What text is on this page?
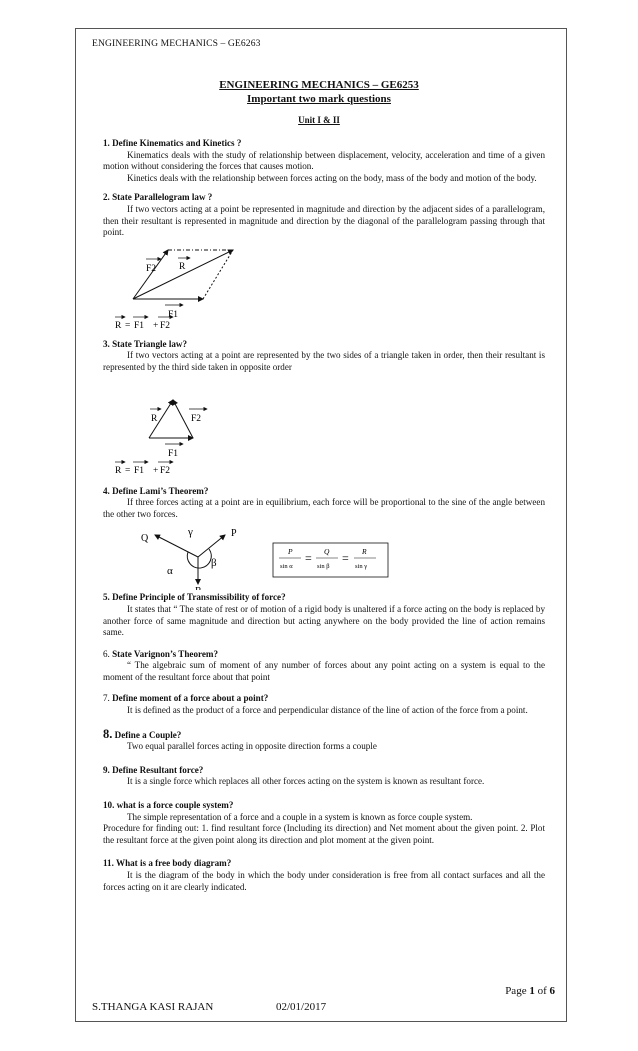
ENGINEERING MECHANICS – GE6263
ENGINEERING MECHANICS – GE6253
Important two mark questions
Unit I & II
1. Define Kinematics and Kinetics ?
Kinematics deals with the study of relationship between displacement, velocity, acceleration and time of a given motion without considering the forces that causes motion.
Kinetics deals with the relationship between forces acting on the body, mass of the body and motion of the body.
2. State Parallelogram law ?
If two vectors acting at a point be represented in magnitude and direction by the adjacent sides of a parallelogram, then their resultant is represented in magnitude and direction by the diagonal of the parallelogram passing through that point.
F2 R
F1
R = F1 + F2
3. State Triangle law?
If two vectors acting at a point are represented by the two sides of a triangle taken in order, then their resultant is represented by the third side taken in opposite order
R	F2
F1
R = F1 + F2
4. Define Lami’s Theorem?
If three forces acting at a point are in equilibrium, each force will be proportional to the sine of the angle between the other two forces.
Q
γ	P
α
β
P
sin α
= Q
sin β
= R
sin γ
5. Define Principle of Transmissibility of force?
It states that “ The state of rest or of motion of a rigid body is unaltered if a force acting on the body is replaced by another force of same magnitude and direction but acting anywhere on the body provided the line of action remains same.
6. State Varignon’s Theorem?
“ The algebraic sum of moment of any number of forces about any point acting on a system is equal to the moment of the resultant force about that point
7. Define moment of a force about a point?
It is defined as the product of a force and perpendicular distance of the line of action of the force from a point.
8. Define a Couple?
Two equal parallel forces acting in opposite direction forms a couple
9. Define Resultant force?
It is a single force which replaces all other forces acting on the system is known as resultant force.
10. what is a force couple system?
The simple representation of a force and a couple in a system is known as force couple system.
Procedure for finding out: 1. find resultant force (Including its direction) and Net moment about the given point. 2. Plot the resultant force at the given point along its direction and plot moment at the given point.
11. What is a free body diagram?
It is the diagram of the body in which the body under consideration is free from all contact surfaces and all the forces acting on it are clearly indicated.
Page 1 of 6
S.THANGA KASI RAJAN	02/01/2017
